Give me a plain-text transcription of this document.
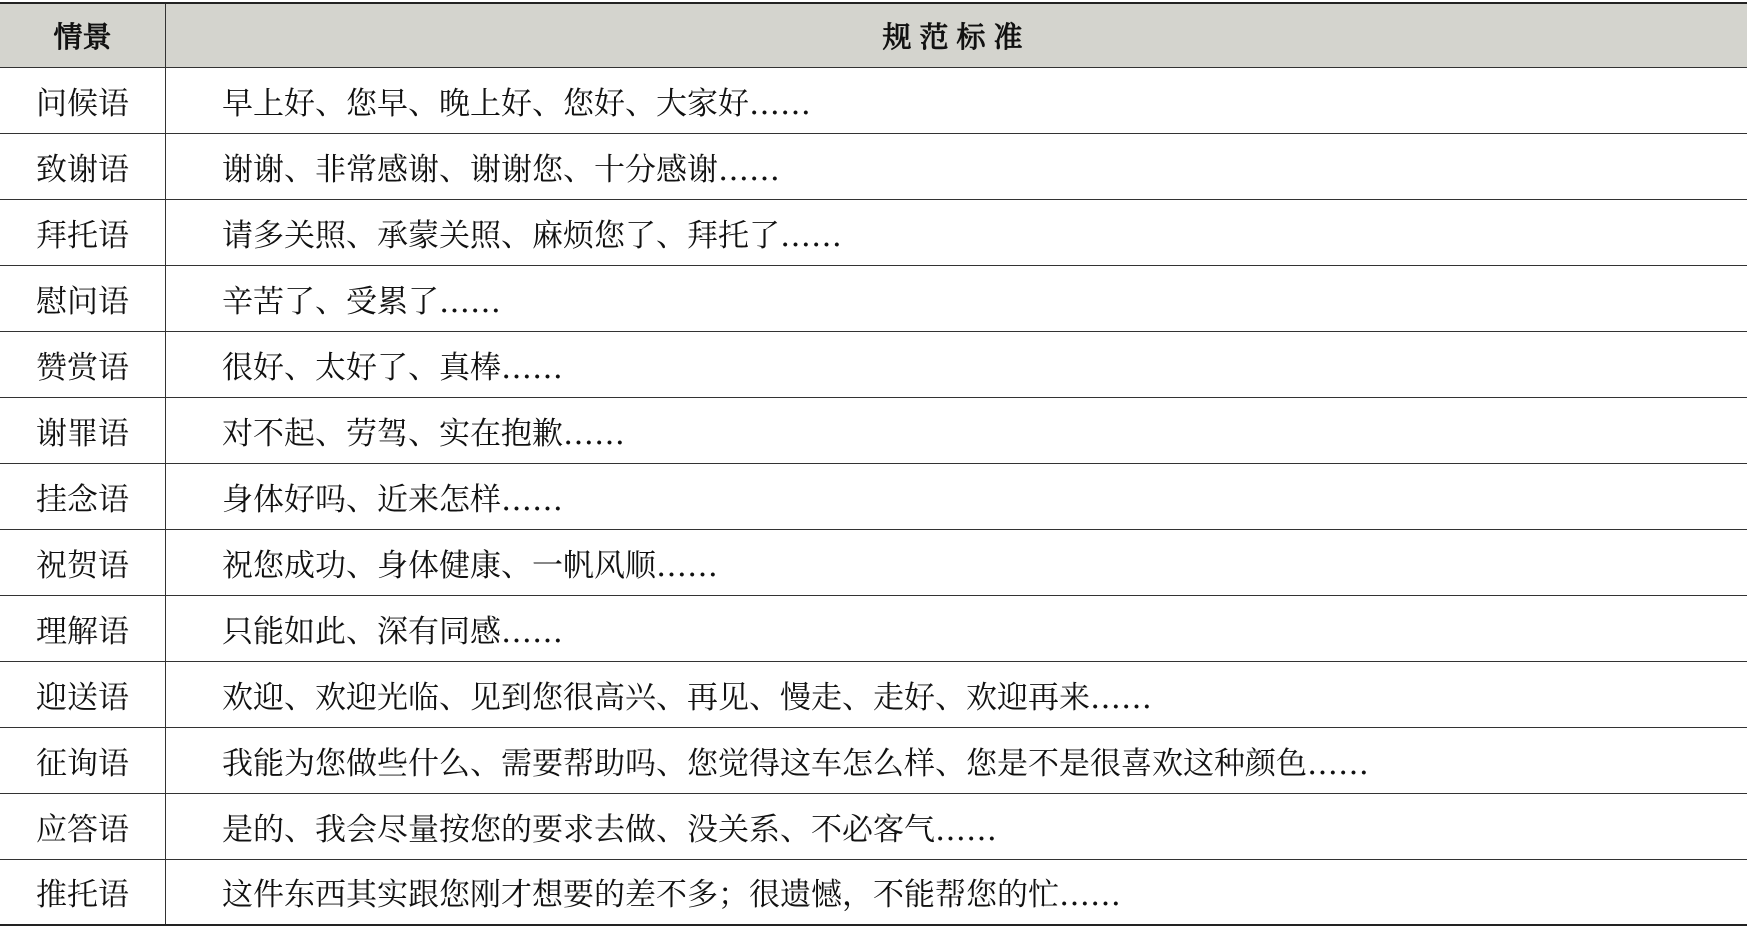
情景	规范标准
问候语	早上好、您早、晚上好、您好、大家好……
致谢语	谢谢、非常感谢、谢谢您、十分感谢……
拜托语	请多关照、承蒙关照、麻烦您了、拜托了……
慰问语	辛苦了、受累了……
赞赏语	很好、太好了、真棒……
谢罪语	对不起、劳驾、实在抱歉……
挂念语	身体好吗、近来怎样……
祝贺语	祝您成功、身体健康、一帆风顺……
理解语	只能如此、深有同感……
迎送语	欢迎、欢迎光临、见到您很高兴、再见、慢走、走好、欢迎再来……
征询语	我能为您做些什么、需要帮助吗、您觉得这车怎么样、您是不是很喜欢这种颜色……
应答语	是的、我会尽量按您的要求去做、没关系、不必客气……
推托语	这件东西其实跟您刚才想要的差不多；很遗憾，不能帮您的忙……
